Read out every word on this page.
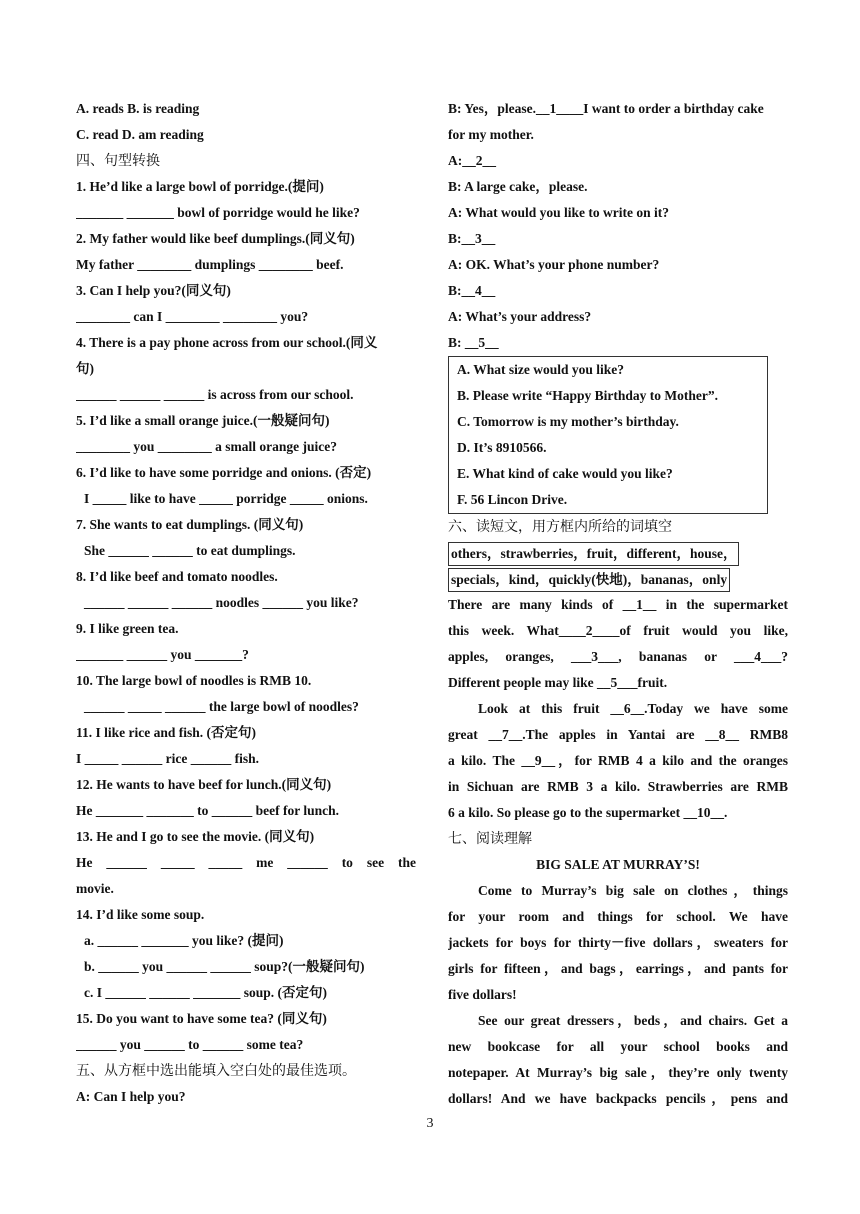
A. reads B. is reading
C. read D. am reading
四、句型转换
1. He’d like a large bowl of porridge.(提问)
_______ _______ bowl of porridge would he like?
2. My father would like beef dumplings.(同义句)
My father ________ dumplings ________ beef.
3. Can I help you?(同义句)
________ can I ________ ________ you?
4. There is a pay phone across from our school.(同义
句)
______ ______ ______ is across from our school.
5. I’d like a small orange juice.(一般疑问句)
________ you ________ a small orange juice?
6. I’d like to have some porridge and onions. (否定)
I _____ like to have _____ porridge _____ onions.
7. She wants to eat dumplings. (同义句)
She ______ ______ to eat dumplings.
8. I’d like beef and tomato noodles.
______ ______ ______ noodles ______ you like?
9. I like green tea.
_______ ______ you _______?
10. The large bowl of noodles is RMB 10.
______ _____ ______ the large bowl of noodles?
11. I like rice and fish. (否定句)
I _____ ______ rice ______ fish.
12. He wants to have beef for lunch.(同义句)
He _______ _______ to ______ beef for lunch.
13. He and I go to see the movie. (同义句)
He ______ _____ _____ me ______ to see the
movie.
14. I’d like some soup.
a. ______ _______ you like? (提问)
b. ______ you ______ ______ soup?(一般疑问句)
c. I ______ ______ _______ soup. (否定句)
15. Do you want to have some tea? (同义句)
______ you ______ to ______ some tea?
五、从方框中选出能填入空白处的最佳选项。
A: Can I help you?
B: Yes，please.__1____I want to order a birthday cake
for my mother.
A:__2__
B: A large cake，please.
A: What would you like to write on it?
B:__3__
A: OK. What’s your phone number?
B:__4__
A: What’s your address?
B: __5__
A. What size would you like?
B. Please write “Happy Birthday to Mother”.
C. Tomorrow is my mother’s birthday.
D. It’s 8910566.
E. What kind of cake would you like?
F. 56 Lincon Drive.
六、读短文，用方框内所给的词填空
others，strawberries，fruit，different，house，
specials，kind，quickly(快地)，bananas，only
There are many kinds of __1__ in the supermarket
this week. What____2____of fruit would you like,
apples, oranges, ___3___, bananas or ___4___?
Different people may like __5___fruit.
Look at this fruit __6__.Today we have some
great __7__.The apples in Yantai are __8__ RMB8
a kilo. The __9__，for RMB 4 a kilo and the oranges
in Sichuan are RMB 3 a kilo. Strawberries are RMB
6 a kilo. So please go to the supermarket __10__.
七、阅读理解
BIG SALE AT MURRAY’S!
Come to Murray’s big sale on clothes，things
for your room and things for school. We have
jackets for boys for thirty－five dollars，sweaters for
girls for fifteen，and bags，earrings，and pants for
five dollars!
See our great dressers，beds，and chairs. Get a
new bookcase for all your school books and
notepaper. At Murray’s big sale，they’re only twenty
dollars! And we have backpacks pencils，pens and
3
